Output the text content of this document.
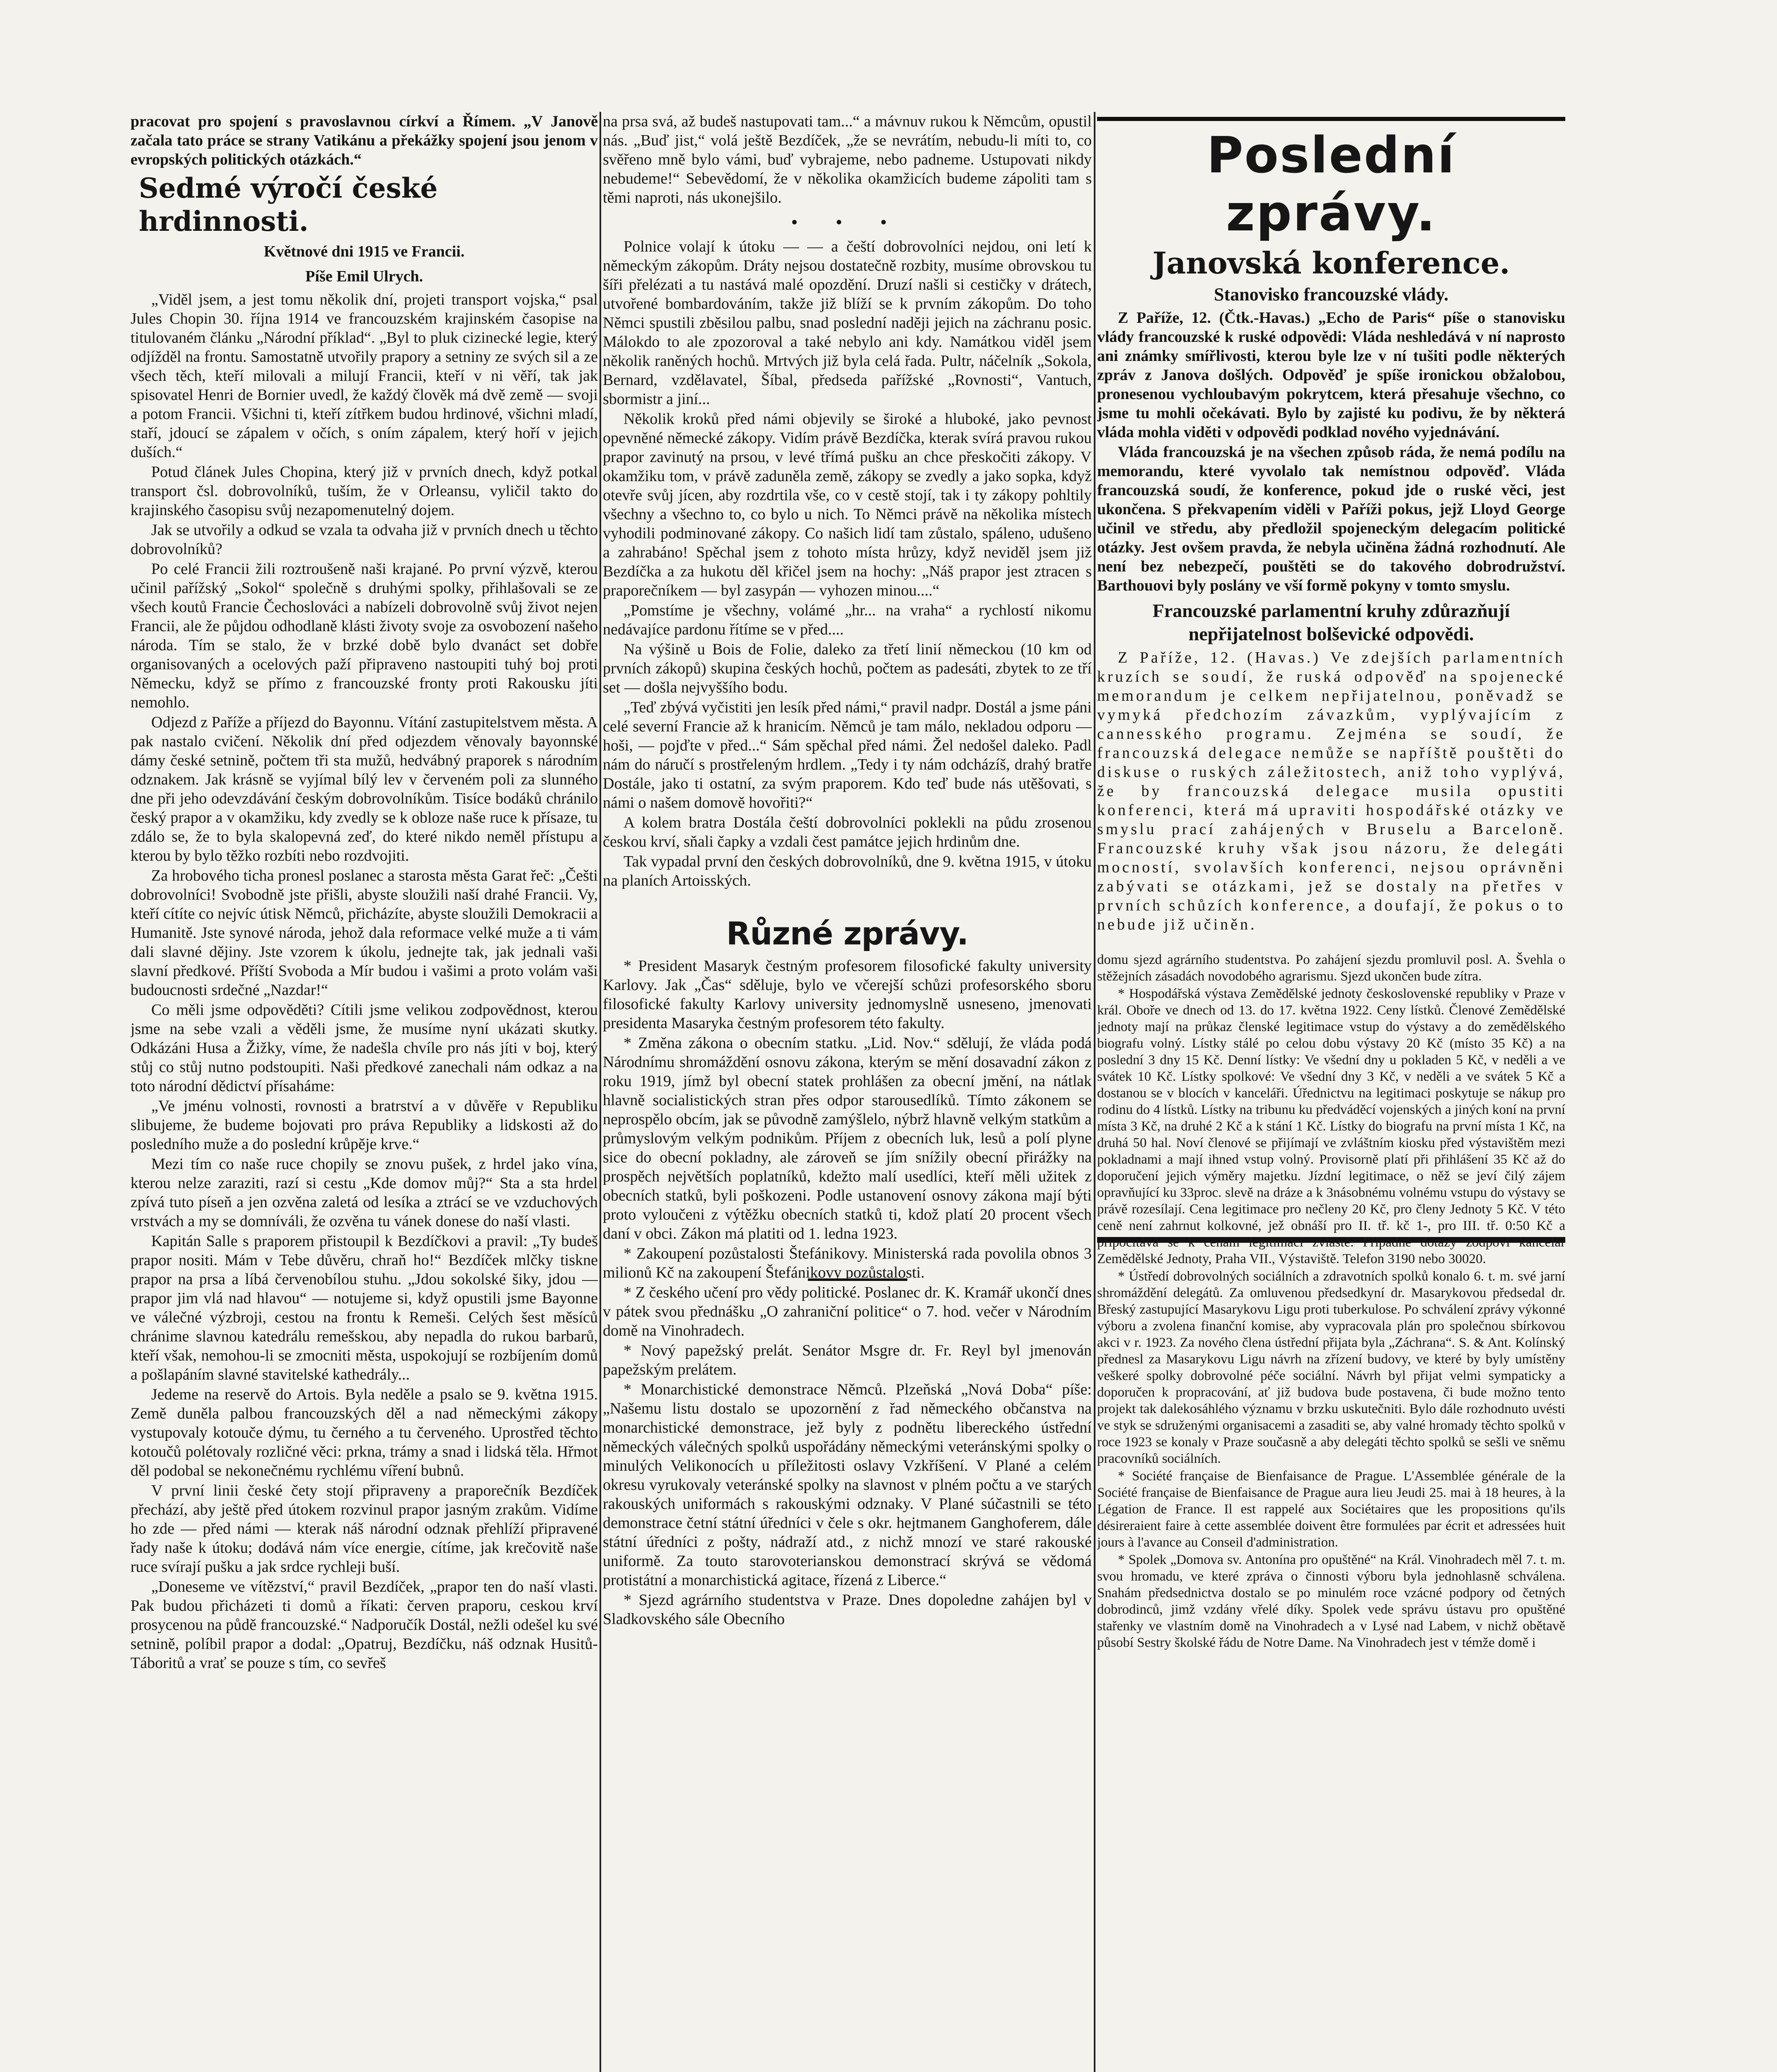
pracovat pro spojení s pravoslavnou církví a Římem. „V Janově začala tato práce se strany Vatikánu a překážky spojení jsou jenom v evropských politických otázkách.“

Sedmé výročí české hrdinnosti.
Květnové dni 1915 ve Francii.
Píše Emil Ulrych.

„Viděl jsem, a jest tomu několik dní, projeti transport vojska,“ psal Jules Chopin 30. října 1914 ve francouzském krajinském časopise na titulovaném článku „Národní příklad“. „Byl to pluk cizinecké legie, který odjížděl na frontu. Samostatně utvořily prapory a setniny ze svých sil a ze všech těch, kteří milovali a milují Francii, kteří v ni věří, tak jak spisovatel Henri de Bornier uvedl, že každý člověk má dvě země — svoji a potom Francii. Všichni ti, kteří zítřkem budou hrdinové, všichni mladí, staří, jdoucí se zápalem v očích, s oním zápalem, který hoří v jejich duších.“

Potud článek Jules Chopina, který již v prvních dnech, když potkal transport čsl. dobrovolníků, tuším, že v Orleansu, vyličil takto do krajinského časopisu svůj nezapomenutelný dojem.

Jak se utvořily a odkud se vzala ta odvaha již v prvních dnech u těchto dobrovolníků?

Po celé Francii žili roztroušeně naši krajané. Po první výzvě, kterou učinil pařížský „Sokol“ společně s druhými spolky, přihlašovali se ze všech koutů Francie Čechoslováci a nabízeli dobrovolně svůj život nejen Francii, ale že půjdou odhodlaně klásti životy svoje za osvobození našeho národa. Tím se stalo, že v brzké době bylo dvanáct set dobře organisovaných a ocelových paží připraveno nastoupiti tuhý boj proti Německu, když se přímo z francouzské fronty proti Rakousku jíti nemohlo.

Odjezd z Paříže a příjezd do Bayonnu. Vítání zastupitelstvem města. A pak nastalo cvičení. Několik dní před odjezdem věnovaly bayonnské dámy české setnině, počtem tři sta mužů, hedvábný praporek s národním odznakem. Jak krásně se vyjímal bílý lev v červeném poli za slunného dne při jeho odevzdávání českým dobrovolníkům. Tisíce bodáků chránilo český prapor a v okamžiku, kdy zvedly se k obloze naše ruce k přísaze, tu zdálo se, že to byla skalopevná zeď, do které nikdo neměl přístupu a kterou by bylo těžko rozbíti nebo rozdvojiti.

Za hrobového ticha pronesl poslanec a starosta města Garat řeč: „Češti dobrovolníci! Svobodně jste přišli, abyste sloužili naší drahé Francii. Vy, kteří cítíte co nejvíc útisk Němců, přicházíte, abyste sloužili Demokracii a Humanitě. Jste synové národa, jehož dala reformace velké muže a ti vám dali slavné dějiny. Jste vzorem k úkolu, jednejte tak, jak jednali vaši slavní předkové. Příští Svoboda a Mír budou i vašimi a proto volám vaši budoucnosti srdečné „Nazdar!“

Co měli jsme odpověděti? Cítili jsme velikou zodpovědnost, kterou jsme na sebe vzali a věděli jsme, že musíme nyní ukázati skutky. Odkázáni Husa a Žižky, víme, že nadešla chvíle pro nás jíti v boj, který stůj co stůj nutno podstoupiti. Naši předkové zanechali nám odkaz a na toto národní dědictví přísaháme:

„Ve jménu volnosti, rovnosti a bratrství a v důvěře v Republiku slibujeme, že budeme bojovati pro práva Republiky a lidskosti až do posledního muže a do poslední krůpěje krve.“

Mezi tím co naše ruce chopily se znovu pušek, z hrdel jako vína, kterou nelze zaraziti, razí si cestu „Kde domov můj?“ Sta a sta hrdel zpívá tuto píseň a jen ozvěna zaletá od lesíka a ztrácí se ve vzduchových vrstvách a my se domníváli, že ozvěna tu vánek donese do naší vlasti.

Kapitán Salle s praporem přistoupil k Bezdíčkovi a pravil: „Ty budeš prapor nositi. Mám v Tebe důvěru, chraň ho!“ Bezdíček mlčky tiskne prapor na prsa a líbá červenobílou stuhu. „Jdou sokolské šiky, jdou — prapor jim vlá nad hlavou“ — notujeme si, když opustili jsme Bayonne ve válečné výzbroji, cestou na frontu k Remeši. Celých šest měsíců chránime slavnou katedrálu remešskou, aby nepadla do rukou barbarů, kteří však, nemohou-li se zmocniti města, uspokojují se rozbíjením domů a pošlapáním slavné stavitelské kathedrály...

Jedeme na reservě do Artois. Byla neděle a psalo se 9. května 1915. Země duněla palbou francouzských děl a nad německými zákopy vystupovaly kotouče dýmu, tu černého a tu červeného. Uprostřed těchto kotoučů polétovaly rozličné věci: prkna, trámy a snad i lidská těla. Hřmot děl podobal se nekonečnému rychlému víření bubnů.

V první linii české čety stojí připraveny a praporečník Bezdíček přechází, aby ještě před útokem rozvinul prapor jasným zrakům. Vidíme ho zde — před námi — kterak náš národní odznak přehlíží připravené řady naše k útoku; dodává nám více energie, cítíme, jak krečovitě naše ruce svírají pušku a jak srdce rychleji buší.

„Doneseme ve vítězství,“ pravil Bezdíček, „prapor ten do naší vlasti. Pak budou přicházeti ti domů a říkati: červen praporu, ceskou krví prosycenou na půdě francouzské.“ Nadporučík Dostál, nežli odešel ku své setnině, políbil prapor a dodal: „Opatruj, Bezdíčku, náš odznak Husitů-Táboritů a vrať se pouze s tím, co sevřeš

na prsa svá, až budeš nastupovati tam...“ a mávnuv rukou k Němcům, opustil nás. „Buď jist,“ volá ještě Bezdíček, „že se nevrátím, nebudu-li míti to, co svěřeno mně bylo vámi, buď vybrajeme, nebo padneme. Ustupovati nikdy nebudeme!“ Sebevědomí, že v několika okamžicích budeme zápoliti tam s těmi naproti, nás ukonejšilo.

• • •

Polnice volají k útoku — — a čeští dobrovolníci nejdou, oni letí k německým zákopům. Dráty nejsou dostatečně rozbity, musíme obrovskou tu šíři přelézati a tu nastává malé opozdění. Druzí našli si cestičky v drátech, utvořené bombardováním, takže již blíží se k prvním zákopům. Do toho Němci spustili zběsilou palbu, snad poslední naději jejich na záchranu posic. Málokdo to ale zpozoroval a také nebylo ani kdy. Namátkou viděl jsem několik raněných hochů. Mrtvých již byla celá řada. Pultr, náčelník „Sokola, Bernard, vzdělavatel, Šíbal, předseda pařížské „Rovnosti“, Vantuch, sbormistr a jiní...

Několik kroků před námi objevily se široké a hluboké, jako pevnost opevněné německé zákopy. Vidím právě Bezdíčka, kterak svírá pravou rukou prapor zavinutý na prsou, v levé třímá pušku an chce přeskočiti zákopy. V okamžiku tom, v právě zaduněla země, zákopy se zvedly a jako sopka, když otevře svůj jícen, aby rozdrtila vše, co v cestě stojí, tak i ty zákopy pohltily všechny a všechno to, co bylo u nich. To Němci právě na několika místech vyhodili podminované zákopy. Co našich lidí tam zůstalo, spáleno, udušeno a zahrabáno! Spěchal jsem z tohoto místa hrůzy, když neviděl jsem již Bezdíčka a za hukotu děl křičel jsem na hochy: „Náš prapor jest ztracen s praporečníkem — byl zasypán — vyhozen minou....“

„Pomstíme je všechny, volámé „hr... na vraha“ a rychlostí nikomu nedávajíce pardonu řítíme se v před....

Na výšině u Bois de Folie, daleko za třetí linií německou (10 km od prvních zákopů) skupina českých hochů, počtem as padesáti, zbytek to ze tří set — došla nejvyššího bodu.

„Teď zbývá vyčistiti jen lesík před námi,“ pravil nadpr. Dostál a jsme páni celé severní Francie až k hranicím. Němců je tam málo, nekladou odporu — hoši, — pojďte v před...“ Sám spěchal před námi. Žel nedošel daleko. Padl nám do náručí s prostřeleným hrdlem. „Tedy i ty nám odcházíš, drahý bratře Dostále, jako ti ostatní, za svým praporem. Kdo teď bude nás utěšovati, s námi o našem domově hovořiti?“

A kolem bratra Dostála čeští dobrovolníci poklekli na půdu zrosenou českou krví, sňali čapky a vzdali čest památce jejich hrdinům dne.

Tak vypadal první den českých dobrovolníků, dne 9. května 1915, v útoku na planích Artoisských.

Různé zprávy.

* President Masaryk čestným profesorem filosofické fakulty university Karlovy. Jak „Čas“ sděluje, bylo ve včerejší schůzi profesorského sboru filosofické fakulty Karlovy university jednomyslně usneseno, jmenovati presidenta Masaryka čestným profesorem této fakulty.

* Změna zákona o obecním statku. „Lid. Nov.“ sdělují, že vláda podá Národnímu shromáždění osnovu zákona, kterým se mění dosavadní zákon z roku 1919, jímž byl obecní statek prohlášen za obecní jmění, na nátlak hlavně socialistických stran přes odpor starousedlíků. Tímto zákonem se neprospělo obcím, jak se původně zamýšlelo, nýbrž hlavně velkým statkům a průmyslovým velkým podnikům. Příjem z obecních luk, lesů a polí plyne sice do obecní pokladny, ale zároveň se jím snížily obecní přirážky na prospěch největších poplatníků, kdežto malí usedlíci, kteří měli užitek z obecních statků, byli poškozeni. Podle ustanovení osnovy zákona mají býti proto vyloučeni z výtěžku obecních statků ti, kdož platí 20 procent všech daní v obci. Zákon má platiti od 1. ledna 1923.

* Zakoupení pozůstalosti Štefánikovy. Ministerská rada povolila obnos 3 milionů Kč na zakoupení Štefánikovy pozůstalosti.

* Z českého učení pro vědy politické. Poslanec dr. K. Kramář ukončí dnes v pátek svou přednášku „O zahraniční politice“ o 7. hod. večer v Národním domě na Vinohradech.

* Nový papežský prelát. Senátor Msgre dr. Fr. Reyl byl jmenován papežským prelátem.

* Monarchistické demonstrace Němců. Plzeňská „Nová Doba“ píše: „Našemu listu dostalo se upozornění z řad německého občanstva na monarchistické demonstrace, jež byly z podnětu libereckého ústřední německých válečných spolků uspořádány německými veteránskými spolky o minulých Velikonocích u příležitosti oslavy Vzkříšení. V Plané a celém okresu vyrukovaly veteránské spolky na slavnost v plném počtu a ve starých rakouských uniformách s rakouskými odznaky. V Plané súčastnili se této demonstrace četní státní úředníci v čele s okr. hejtmanem Ganghoferem, dále státní úředníci z pošty, nádraží atd., z nichž mnozí ve staré rakouské uniformě. Za touto starovoterianskou demonstrací skrývá se vědomá protistátní a monarchistická agitace, řízená z Liberce.“

* Sjezd agrárního studentstva v Praze. Dnes dopoledne zahájen byl v Sladkovského sále Obecního

Poslední zprávy.
Janovská konference.
Stanovisko francouzské vlády.

Z Paříže, 12. (Čtk.-Havas.) „Echo de Paris“ píše o stanovisku vlády francouzské k ruské odpovědi: Vláda neshledává v ní naprosto ani známky smířlivosti, kterou byle lze v ní tušiti podle některých zpráv z Janova došlých. Odpověď je spíše ironickou obžalobou, pronesenou vychloubavým pokrytcem, která přesahuje všechno, co jsme tu mohli očekávati. Bylo by zajisté ku podivu, že by některá vláda mohla viděti v odpovědi podklad nového vyjednávání.

Vláda francouzská je na všechen způsob ráda, že nemá podílu na memorandu, které vyvolalo tak nemístnou odpověď. Vláda francouzská soudí, že konference, pokud jde o ruské věci, jest ukončena. S překvapením viděli v Paříži pokus, jejž Lloyd George učinil ve středu, aby předložil spojeneckým delegacím politické otázky. Jest ovšem pravda, že nebyla učiněna žádná rozhodnutí. Ale není bez nebezpečí, pouštěti se do takového dobrodružství. Barthouovi byly poslány ve vší formě pokyny v tomto smyslu.

Francouzské parlamentní kruhy zdůrazňují nepřijatelnost bolševické odpovědi.

Z Paříže, 12. (Havas.) Ve zdejších parlamentních kruzích se soudí, že ruská odpověď na spojenecké memorandum je celkem nepřijatelnou, poněvadž se vymyká předchozím závazkům, vyplývajícím z cannesského programu. Zejména se soudí, že francouzská delegace nemůže se napříště pouštěti do diskuse o ruských záležitostech, aniž toho vyplývá, že by francouzská delegace musila opustiti konferenci, která má upraviti hospodářské otázky ve smyslu prací zahájených v Bruselu a Barceloně. Francouzské kruhy však jsou názoru, že delegáti mocností, svolavších konferenci, nejsou oprávněni zabývati se otázkami, jež se dostaly na přetřes v prvních schůzích konference, a doufají, že pokus o to nebude již učiněn.

domu sjezd agrárního studentstva. Po zahájení sjezdu promluvil posl. A. Švehla o stěžejních zásadách novodobého agrarismu. Sjezd ukončen bude zítra.

* Hospodářská výstava Zemědělské jednoty československé republiky v Praze v král. Oboře ve dnech od 13. do 17. května 1922. Ceny lístků. Členové Zemědělské jednoty mají na průkaz členské legitimace vstup do výstavy a do zemědělského biografu volný. Lístky stálé po celou dobu výstavy 20 Kč (místo 35 Kč) a na poslední 3 dny 15 Kč. Denní lístky: Ve všední dny u pokladen 5 Kč, v neděli a ve svátek 10 Kč. Lístky spolkové: Ve všední dny 3 Kč, v neděli a ve svátek 5 Kč a dostanou se v blocích v kanceláři. Úřednictvu na legitimaci poskytuje se nákup pro rodinu do 4 lístků. Lístky na tribunu ku předváděcí vojenských a jiných koní na první místa 3 Kč, na druhé 2 Kč a k stání 1 Kč. Lístky do biografu na první místa 1 Kč, na druhá 50 hal. Noví členové se přijímají ve zvláštním kiosku před výstavištěm mezi pokladnami a mají ihned vstup volný. Provisorně platí při přihlášení 35 Kč až do doporučení jejich výměry majetku. Jízdní legitimace, o něž se jeví čilý zájem opravňující ku 33proc. slevě na dráze a k 3násobnému volnému vstupu do výstavy se právě rozesílají. Cena legitimace pro nečleny 20 Kč, pro členy Jednoty 5 Kč. V této ceně není zahrnut kolkovné, jež obnáší pro II. tř. kč 1-, pro III. tř. 0:50 Kč a připočítává se k cenám legitimací zvláště. Případné dotazy zodpoví kancelář Zemědělské Jednoty, Praha VII., Výstaviště. Telefon 3190 nebo 30020.

* Ústředí dobrovolných sociálních a zdravotních spolků konalo 6. t. m. své jarní shromáždění delegátů. Za omluvenou předsedkyní dr. Masarykovou předsedal dr. Břeský zastupující Masarykovu Ligu proti tuberkulose. Po schválení zprávy výkonné výboru a zvolena finanční komise, aby vypracovala plán pro společnou sbírkovou akci v r. 1923. Za nového člena ústřední přijata byla „Záchrana“. S. & Ant. Kolínský přednesl za Masarykovu Ligu návrh na zřízení budovy, ve které by byly umístěny veškeré spolky dobrovolné péče sociální. Návrh byl přijat velmi sympaticky a doporučen k propracování, ať již budova bude postavena, či bude možno tento projekt tak dalekosáhlého významu v brzku uskutečniti. Bylo dále rozhodnuto uvésti ve styk se sdruženými organisacemi a zasaditi se, aby valné hromady těchto spolků v roce 1923 se konaly v Praze současně a aby delegáti těchto spolků se sešli ve sněmu pracovníků sociálních.

* Société française de Bienfaisance de Prague. L'Assemblée générale de la Société française de Bienfaisance de Prague aura lieu Jeudi 25. mai à 18 heures, à la Légation de France. Il est rappelé aux Sociétaires que les propositions qu'ils désireraient faire à cette assemblée doivent être formulées par écrit et adressées huit jours à l'avance au Conseil d'administration.

* Spolek „Domova sv. Antonína pro opuštěné“ na Král. Vinohradech měl 7. t. m. svou hromadu, ve které zpráva o činnosti výboru byla jednohlasně schválena. Snahám předsednictva dostalo se po minulém roce vzácné podpory od četných dobrodinců, jimž vzdány vřelé díky. Spolek vede správu ústavu pro opuštěné stařenky ve vlastním domě na Vinohradech a v Lysé nad Labem, v nichž obětavě působí Sestry školské řádu de Notre Dame. Na Vinohradech jest v témže domě i
